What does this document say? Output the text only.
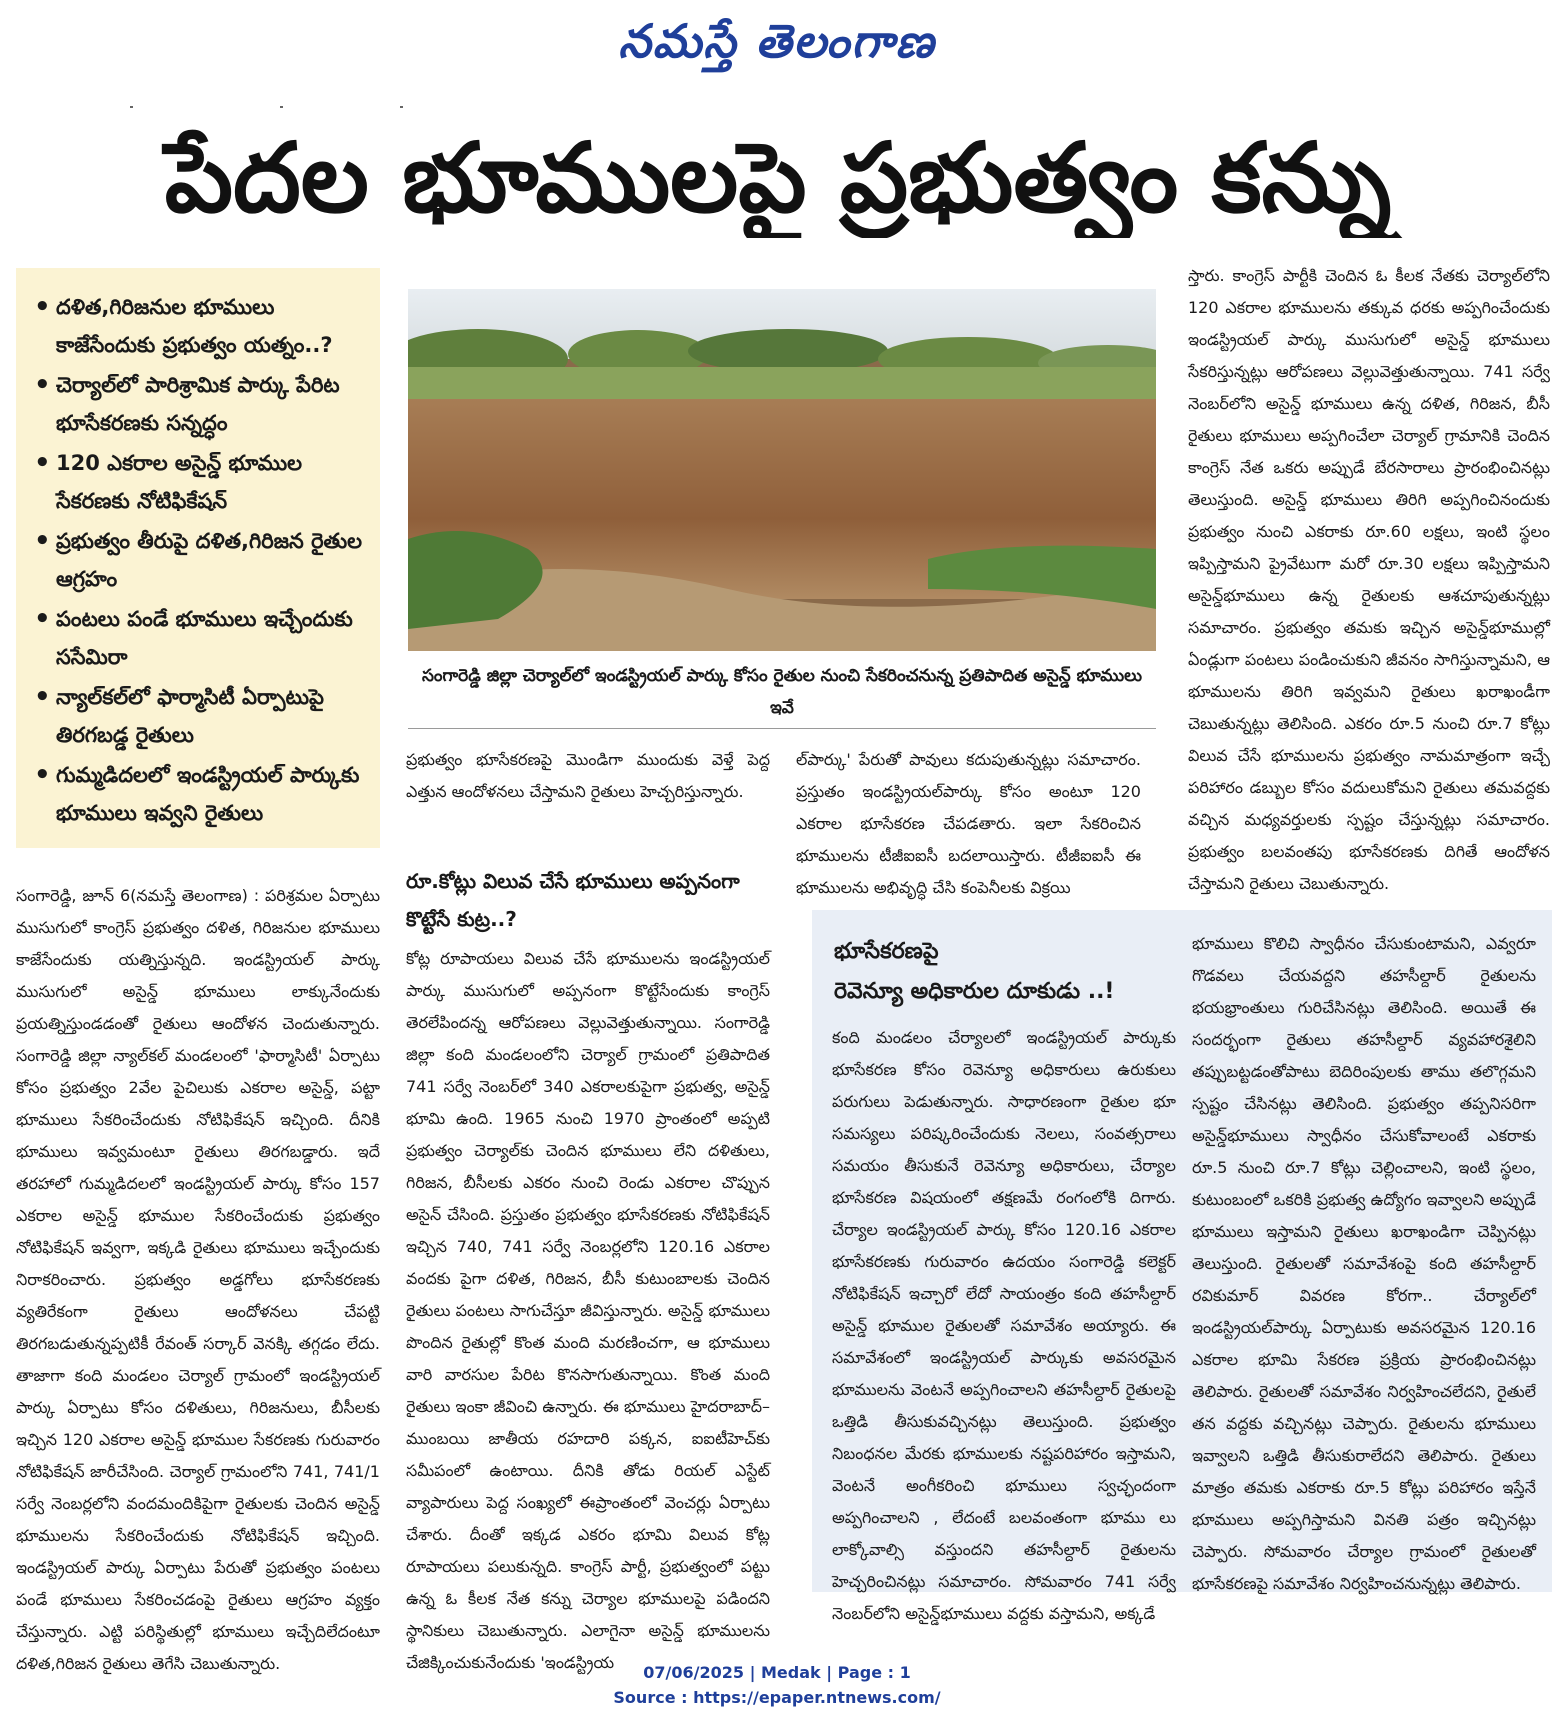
నమస్తే తెలంగాణ
పేదల భూములపై ప్రభుత్వం కన్ను
• దళిత,గిరిజనుల భూములు కాజేసేందుకు ప్రభుత్వం యత్నం..?
• చెర్యాల్‌లో పారిశ్రామిక పార్కు పేరిట భూసేకరణకు సన్నద్ధం
• 120 ఎకరాల అసైన్డ్ భూముల సేకరణకు నోటిఫికేషన్
• ప్రభుత్వం తీరుపై దళిత,గిరిజన రైతుల ఆగ్రహం
• పంటలు పండే భూములు ఇచ్చేందుకు ససేమిరా
• న్యాల్‌కల్‌లో ఫార్మాసిటీ ఏర్పాటుపై తిరగబడ్డ రైతులు
• గుమ్మడిదలలో ఇండస్ట్రియల్ పార్కుకు భూములు ఇవ్వని రైతులు
సంగారెడ్డి జిల్లా చెర్యాల్‌లో ఇండస్ట్రియల్ పార్కు కోసం రైతుల నుంచి సేకరించనున్న ప్రతిపాదిత అసైన్డ్ భూములు ఇవే

సంగారెడ్డి, జూన్ 6(నమస్తే తెలంగాణ) : పరిశ్రమల ఏర్పాటు ముసుగులో కాంగ్రెస్ ప్రభుత్వం దళిత, గిరిజనుల భూములు కాజేసేందుకు యత్నిస్తున్నది. ఇండస్ట్రియల్ పార్కు ముసుగులో అసైన్డ్ భూములు లాక్కునేందుకు ప్రయత్నిస్తుండడంతో రైతులు ఆందోళన చెందుతున్నారు. సంగారెడ్డి జిల్లా న్యాల్‌కల్ మండలంలో 'ఫార్మాసిటీ' ఏర్పాటు కోసం ప్రభుత్వం 2వేల పైచిలుకు ఎకరాల అసైన్డ్, పట్టా భూములు సేకరించేందుకు నోటిఫికేషన్ ఇచ్చింది. దీనికి భూములు ఇవ్వమంటూ రైతులు తిరగబడ్డారు. ఇదే తరహాలో గుమ్మడిదలలో ఇండస్ట్రియల్ పార్కు కోసం 157 ఎకరాల అసైన్డ్ భూముల సేకరించేందుకు ప్రభుత్వం నోటిఫికేషన్ ఇవ్వగా, ఇక్కడి రైతులు భూములు ఇచ్చేందుకు నిరాకరించారు. ప్రభుత్వం అడ్డగోలు భూసేకరణకు వ్యతిరేకంగా రైతులు ఆందోళనలు చేపట్టి తిరగబడుతున్నప్పటికీ రేవంత్ సర్కార్ వెనక్కి తగ్గడం లేదు. తాజాగా కంది మండలం చెర్యాల్ గ్రామంలో ఇండస్ట్రియల్ పార్కు ఏర్పాటు కోసం దళితులు, గిరిజనులు, బీసీలకు ఇచ్చిన 120 ఎకరాల అసైన్డ్ భూముల సేకరణకు గురువారం నోటిఫికేషన్ జారీచేసింది. చెర్యాల్ గ్రామంలోని 741, 741/1 సర్వే నెంబర్లలోని వందమందికిపైగా రైతులకు చెందిన అసైన్డ్ భూములను సేకరించేందుకు నోటిఫికేషన్ ఇచ్చింది. ఇండస్ట్రియల్ పార్కు ఏర్పాటు పేరుతో ప్రభుత్వం పంటలు పండే భూములు సేకరించడంపై రైతులు ఆగ్రహం వ్యక్తం చేస్తున్నారు. ఎట్టి పరిస్థితుల్లో భూములు ఇచ్చేదిలేదంటూ దళిత,గిరిజన రైతులు తెగేసి చెబుతున్నారు.

ప్రభుత్వం భూసేకరణపై మొండిగా ముందుకు వెళ్తే పెద్ద ఎత్తున ఆందోళనలు చేస్తామని రైతులు హెచ్చరిస్తున్నారు.

రూ.కోట్లు విలువ చేసే భూములు అప్పనంగా కొట్టేసే కుట్ర..?

కోట్ల రూపాయలు విలువ చేసే భూములను ఇండస్ట్రియల్ పార్కు ముసుగులో అప్పనంగా కొట్టేసేందుకు కాంగ్రెస్ తెరలేపిందన్న ఆరోపణలు వెల్లువెత్తుతున్నాయి. సంగారెడ్డి జిల్లా కంది మండలంలోని చెర్యాల్ గ్రామంలో ప్రతిపాదిత 741 సర్వే నెంబర్‌లో 340 ఎకరాలకుపైగా ప్రభుత్వ, అసైన్డ్ భూమి ఉంది. 1965 నుంచి 1970 ప్రాంతంలో అప్పటి ప్రభుత్వం చెర్యాల్‌కు చెందిన భూములు లేని దళితులు, గిరిజన, బీసీలకు ఎకరం నుంచి రెండు ఎకరాల చొప్పున అసైన్ చేసింది. ప్రస్తుతం ప్రభుత్వం భూసేకరణకు నోటిఫికేషన్ ఇచ్చిన 740, 741 సర్వే నెంబర్లలోని 120.16 ఎకరాల వందకు పైగా దళిత, గిరిజన, బీసీ కుటుంబాలకు చెందిన రైతులు పంటలు సాగుచేస్తూ జీవిస్తున్నారు. అసైన్డ్ భూములు పొందిన రైతుల్లో కొంత మంది మరణించగా, ఆ భూములు వారి వారసుల పేరిట కొనసాగుతున్నాయి. కొంత మంది రైతులు ఇంకా జీవించి ఉన్నారు. ఈ భూములు హైదరాబాద్–ముంబయి జాతీయ రహదారి పక్కన, ఐఐటీహెచ్‌కు సమీపంలో ఉంటాయి. దీనికి తోడు రియల్ ఎస్టేట్ వ్యాపారులు పెద్ద సంఖ్యలో ఈప్రాంతంలో వెంచర్లు ఏర్పాటు చేశారు. దీంతో ఇక్కడ ఎకరం భూమి విలువ కోట్ల రూపాయలు పలుకున్నది. కాంగ్రెస్ పార్టీ, ప్రభుత్వంలో పట్టు ఉన్న ఓ కీలక నేత కన్ను చెర్యాల భూములపై పడిందని స్థానికులు చెబుతున్నారు. ఎలాగైనా అసైన్డ్ భూములను చేజిక్కించుకునేందుకు 'ఇండస్ట్రియ

ల్‌పార్కు' పేరుతో పావులు కదుపుతున్నట్లు సమాచారం. ప్రస్తుతం ఇండస్ట్రియల్‌పార్కు కోసం అంటూ 120 ఎకరాల భూసేకరణ చేపడతారు. ఇలా సేకరించిన భూములను టీజీఐఐసీ బదలాయిస్తారు. టీజీఐఐసీ ఈ భూములను అభివృద్ధి చేసి కంపెనీలకు విక్రయి

స్తారు. కాంగ్రెస్ పార్టీకి చెందిన ఓ కీలక నేతకు చెర్యాల్‌లోని 120 ఎకరాల భూములను తక్కువ ధరకు అప్పగించేందుకు ఇండస్ట్రియల్ పార్కు ముసుగులో అసైన్డ్ భూములు సేకరిస్తున్నట్లు ఆరోపణలు వెల్లువెత్తుతున్నాయి. 741 సర్వే నెంబర్‌లోని అసైన్డ్ భూములు ఉన్న దళిత, గిరిజన, బీసీ రైతులు భూములు అప్పగించేలా చెర్యాల్ గ్రామానికి చెందిన కాంగ్రెస్ నేత ఒకరు అప్పుడే బేరసారాలు ప్రారంభించినట్లు తెలుస్తుంది. అసైన్డ్ భూములు తిరిగి అప్పగించినందుకు ప్రభుత్వం నుంచి ఎకరాకు రూ.60 లక్షలు, ఇంటి స్థలం ఇప్పిస్తామని ప్రైవేటుగా మరో రూ.30 లక్షలు ఇప్పిస్తామని అసైన్డ్‌భూములు ఉన్న రైతులకు ఆశచూపుతున్నట్లు సమాచారం. ప్రభుత్వం తమకు ఇచ్చిన అసైన్డ్‌భూముల్లో ఏండ్లుగా పంటలు పండించుకుని జీవనం సాగిస్తున్నామని, ఆ భూములను తిరిగి ఇవ్వమని రైతులు ఖరాఖండీగా చెబుతున్నట్లు తెలిసింది. ఎకరం రూ.5 నుంచి రూ.7 కోట్లు విలువ చేసే భూములను ప్రభుత్వం నామమాత్రంగా ఇచ్చే పరిహారం డబ్బుల కోసం వదులుకోమని రైతులు తమవద్దకు వచ్చిన మధ్యవర్తులకు స్పష్టం చేస్తున్నట్లు సమాచారం. ప్రభుత్వం బలవంతపు భూసేకరణకు దిగితే ఆందోళన చేస్తామని రైతులు చెబుతున్నారు.

భూసేకరణపై
రెవెన్యూ అధికారుల దూకుడు ..!

కంది మండలం చేర్యాలలో ఇండస్ట్రియల్ పార్కుకు భూసేకరణ కోసం రెవెన్యూ అధికారులు ఉరుకులు పరుగులు పెడుతున్నారు. సాధారణంగా రైతుల భూ సమస్యలు పరిష్కరించేందుకు నెలలు, సంవత్సరాలు సమయం తీసుకునే రెవెన్యూ అధికారులు, చేర్యాల భూసేకరణ విషయంలో తక్షణమే రంగంలోకి దిగారు. చేర్యాల ఇండస్ట్రియల్ పార్కు కోసం 120.16 ఎకరాల భూసేకరణకు గురువారం ఉదయం సంగారెడ్డి కలెక్టర్ నోటిఫికేషన్ ఇచ్చారో లేదో సాయంత్రం కంది తహసీల్దార్ అసైన్డ్ భూముల రైతులతో సమావేశం అయ్యారు. ఈ సమావేశంలో ఇండస్ట్రియల్ పార్కుకు అవసరమైన భూములను వెంటనే అప్పగించాలని తహసీల్దార్ రైతులపై ఒత్తిడి తీసుకువచ్చినట్లు తెలుస్తుంది. ప్రభుత్వం నిబంధనల మేరకు భూములకు నష్టపరిహారం ఇస్తామని, వెంటనే అంగీకరించి భూములు స్వచ్ఛందంగా అప్పగించాలని , లేదంటే బలవంతంగా భూము లు లాక్కోవాల్సి వస్తుందని తహసీల్దార్ రైతులను హెచ్చరించినట్లు సమాచారం. సోమవారం 741 సర్వే నెంబర్‌లోని అసైన్డ్‌భూములు వద్దకు వస్తామని, అక్కడే

భూములు కొలిచి స్వాధీనం చేసుకుంటామని, ఎవ్వరూ గొడవలు చేయవద్దని తహసీల్దార్ రైతులను భయభ్రాంతులు గురిచేసినట్లు తెలిసింది. అయితే ఈ సందర్భంగా రైతులు తహసీల్దార్ వ్యవహారశైలిని తప్పుబట్టడంతోపాటు బెదిరింపులకు తాము తలొగ్గమని స్పష్టం చేసినట్లు తెలిసింది. ప్రభుత్వం తప్పనిసరిగా అసైన్డ్‌భూములు స్వాధీనం చేసుకోవాలంటే ఎకరాకు రూ.5 నుంచి రూ.7 కోట్లు చెల్లించాలని, ఇంటి స్థలం, కుటుంబంలో ఒకరికి ప్రభుత్వ ఉద్యోగం ఇవ్వాలని అప్పుడే భూములు ఇస్తామని రైతులు ఖరాఖండిగా చెప్పినట్లు తెలుస్తుంది. రైతులతో సమావేశంపై కంది తహసీల్దార్ రవికుమార్ వివరణ కోరగా.. చేర్యాల్‌లో ఇండస్ట్రియల్‌పార్కు ఏర్పాటుకు అవసరమైన 120.16 ఎకరాల భూమి సేకరణ ప్రక్రియ ప్రారంభించినట్లు తెలిపారు. రైతులతో సమావేశం నిర్వహించలేదని, రైతులే తన వద్దకు వచ్చినట్లు చెప్పారు. రైతులను భూములు ఇవ్వాలని ఒత్తిడి తీసుకురాలేదని తెలిపారు. రైతులు మాత్రం తమకు ఎకరాకు రూ.5 కోట్లు పరిహారం ఇస్తేనే భూములు అప్పగిస్తామని వినతి పత్రం ఇచ్చినట్లు చెప్పారు. సోమవారం చేర్యాల గ్రామంలో రైతులతో భూసేకరణపై సమావేశం నిర్వహించనున్నట్లు తెలిపారు.

07/06/2025 | Medak | Page : 1
Source : https://epaper.ntnews.com/
